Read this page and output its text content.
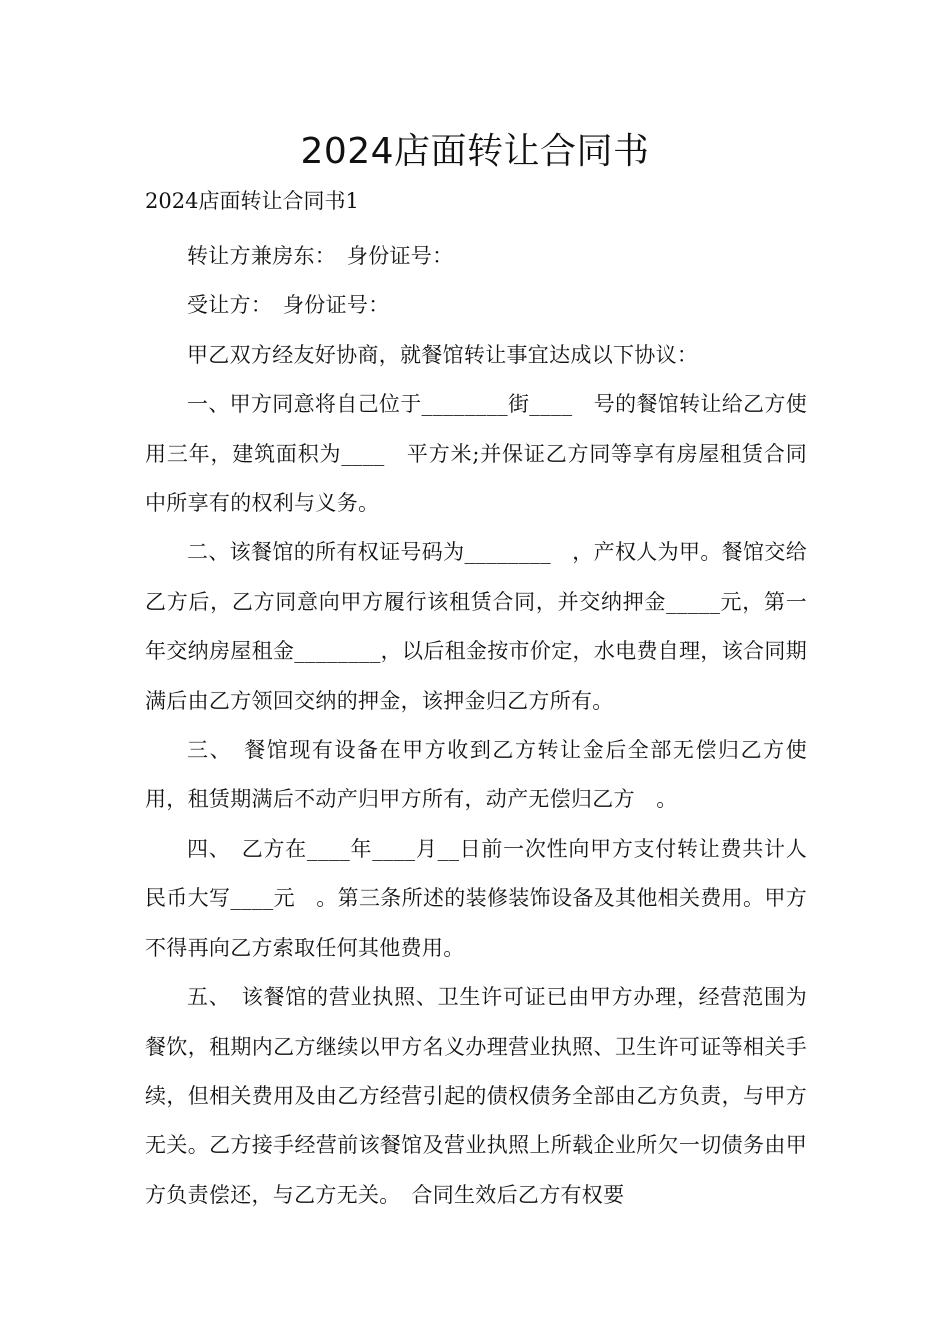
2024店面转让合同书

2024店面转让合同书1

转让方兼房东：　身份证号：

受让方：　身份证号：

甲乙双方经友好协商，就餐馆转让事宜达成以下协议：

一、甲方同意将自己位于________街____　号的餐馆转让给乙方使用三年，建筑面积为____　平方米;并保证乙方同等享有房屋租赁合同中所享有的权利与义务。

二、该餐馆的所有权证号码为________　，产权人为甲。餐馆交给乙方后，乙方同意向甲方履行该租赁合同，并交纳押金_____元，第一年交纳房屋租金________，以后租金按市价定，水电费自理，该合同期满后由乙方领回交纳的押金，该押金归乙方所有。

三、　餐馆现有设备在甲方收到乙方转让金后全部无偿归乙方使用，租赁期满后不动产归甲方所有，动产无偿归乙方　。

四、　乙方在____年____月__日前一次性向甲方支付转让费共计人民币大写____元　。第三条所述的装修装饰设备及其他相关费用。甲方不得再向乙方索取任何其他费用。

五、　该餐馆的营业执照、卫生许可证已由甲方办理，经营范围为餐饮，租期内乙方继续以甲方名义办理营业执照、卫生许可证等相关手续，但相关费用及由乙方经营引起的债权债务全部由乙方负责，与甲方无关。乙方接手经营前该餐馆及营业执照上所载企业所欠一切债务由甲方负责偿还，与乙方无关。　合同生效后乙方有权要
